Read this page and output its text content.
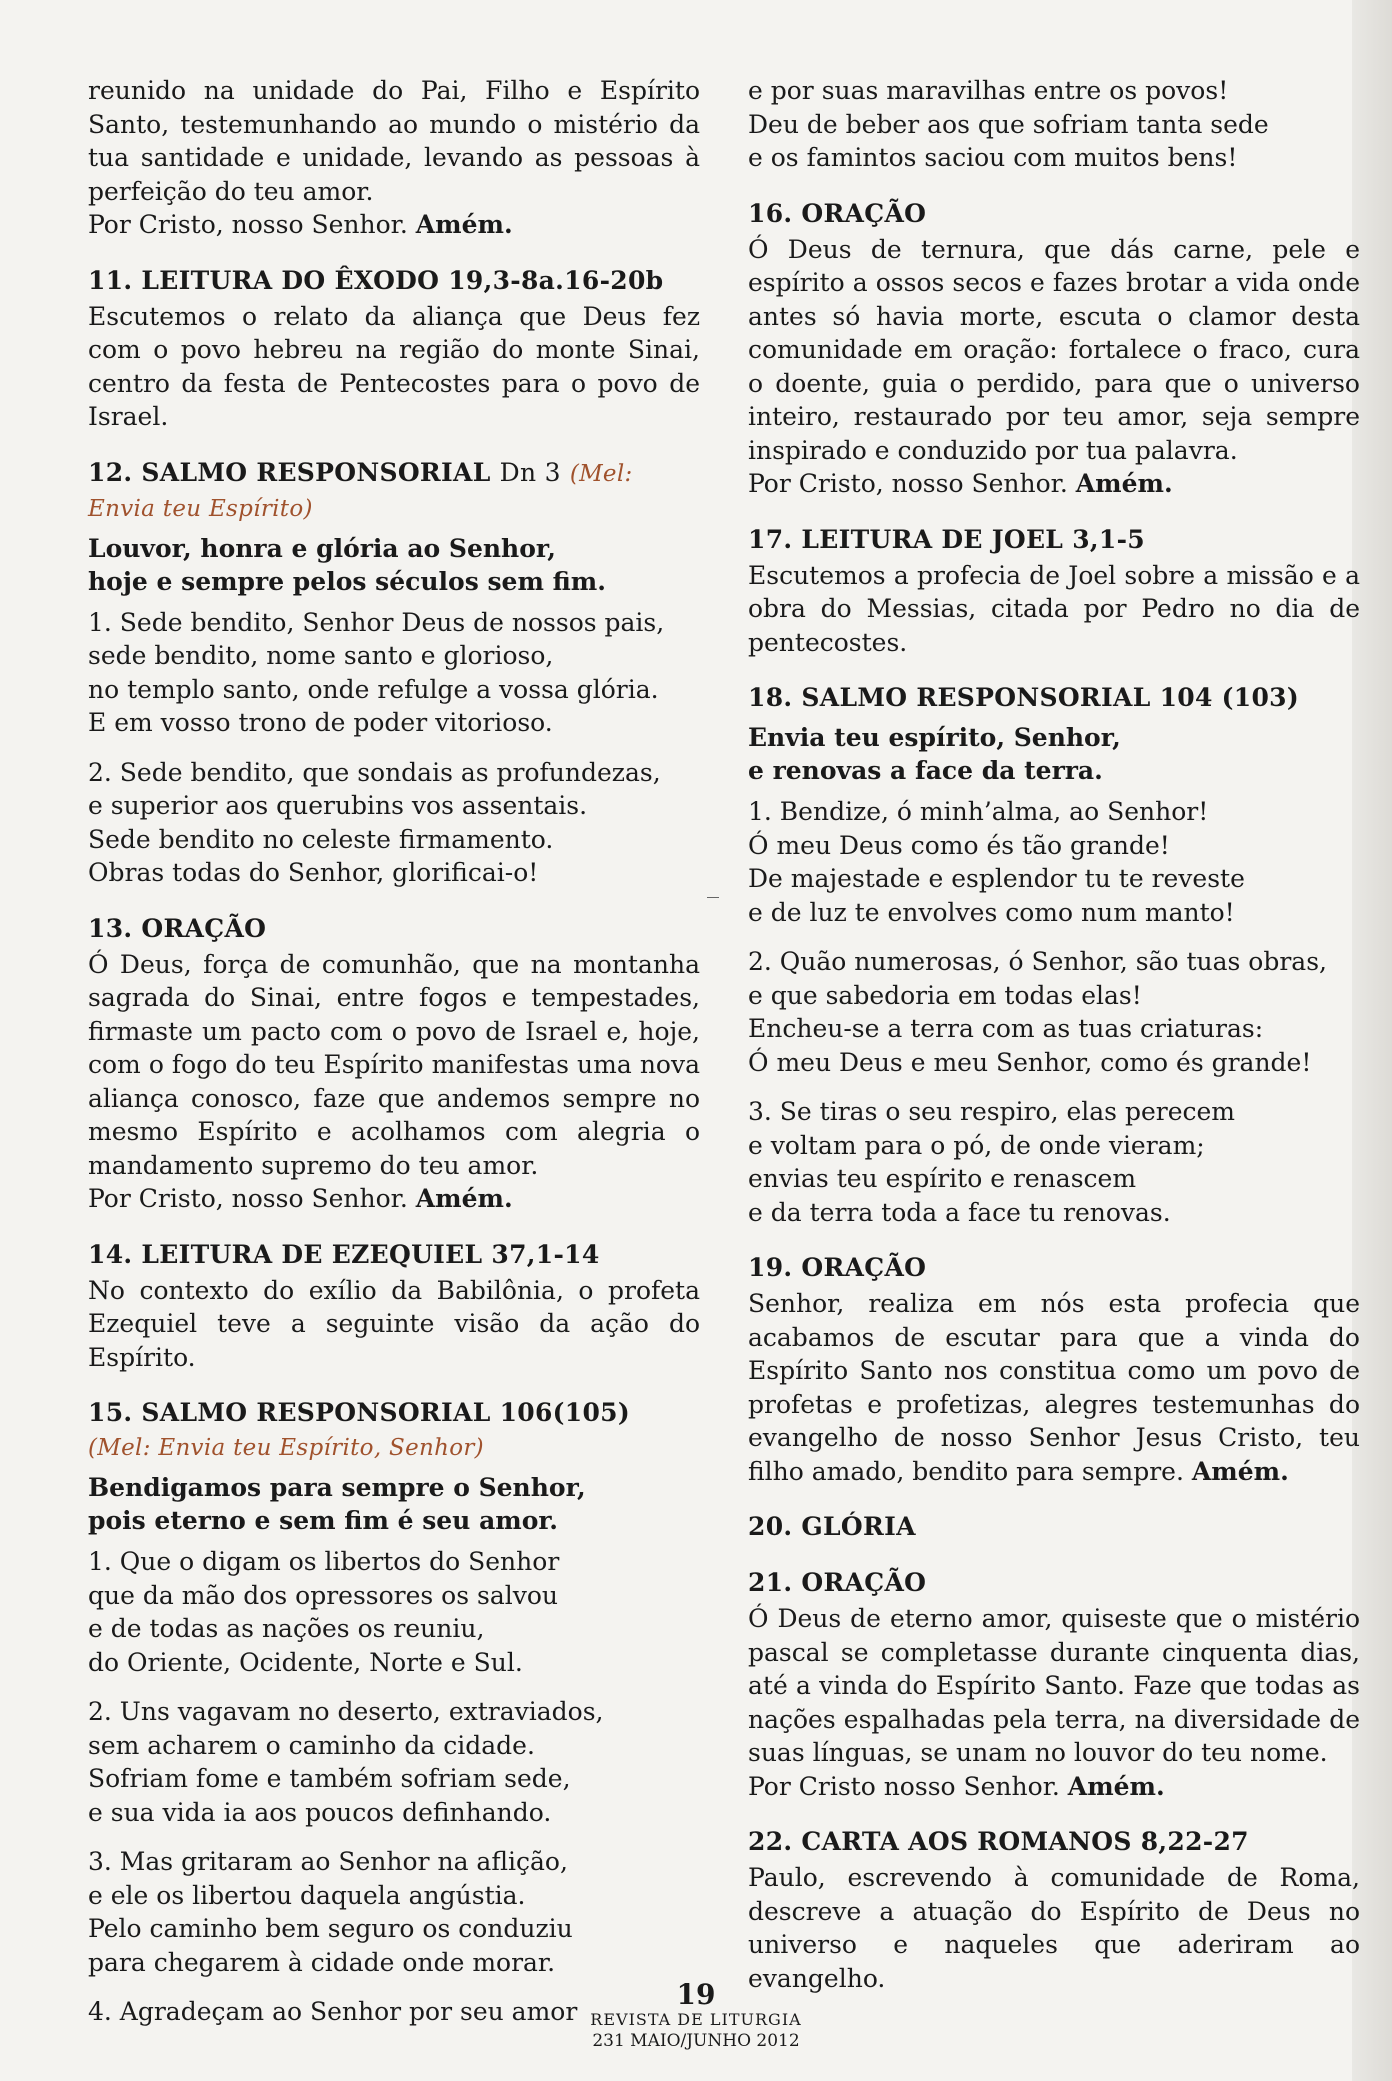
reunido na unidade do Pai, Filho e Espírito Santo, testemunhando ao mundo o mistério da tua santidade e unidade, levando as pessoas à perfeição do teu amor.

Por Cristo, nosso Senhor. Amém.

11. LEITURA DO ÊXODO 19,3-8a.16-20b

Escutemos o relato da aliança que Deus fez com o povo hebreu na região do monte Sinai, centro da festa de Pentecostes para o povo de Israel.

12. SALMO RESPONSORIAL Dn 3 (Mel: Envia teu Espírito)
Louvor, honra e glória ao Senhor,
hoje e sempre pelos séculos sem fim.

1. Sede bendito, Senhor Deus de nossos pais,
sede bendito, nome santo e glorioso,
no templo santo, onde refulge a vossa glória.
E em vosso trono de poder vitorioso.

2. Sede bendito, que sondais as profundezas,
e superior aos querubins vos assentais.
Sede bendito no celeste firmamento.
Obras todas do Senhor, glorificai-o!

13. ORAÇÃO

Ó Deus, força de comunhão, que na montanha sagrada do Sinai, entre fogos e tempestades, firmaste um pacto com o povo de Israel e, hoje, com o fogo do teu Espírito manifestas uma nova aliança conosco, faze que andemos sempre no mesmo Espírito e acolhamos com alegria o mandamento supremo do teu amor.

Por Cristo, nosso Senhor. Amém.

14. LEITURA DE EZEQUIEL 37,1-14

No contexto do exílio da Babilônia, o profeta Ezequiel teve a seguinte visão da ação do Espírito.

15. SALMO RESPONSORIAL 106(105) (Mel: Envia teu Espírito, Senhor)
Bendigamos para sempre o Senhor,
pois eterno e sem fim é seu amor.

1. Que o digam os libertos do Senhor
que da mão dos opressores os salvou
e de todas as nações os reuniu,
do Oriente, Ocidente, Norte e Sul.

2. Uns vagavam no deserto, extraviados,
sem acharem o caminho da cidade.
Sofriam fome e também sofriam sede,
e sua vida ia aos poucos definhando.

3. Mas gritaram ao Senhor na aflição,
e ele os libertou daquela angústia.
Pelo caminho bem seguro os conduziu
para chegarem à cidade onde morar.

4. Agradeçam ao Senhor por seu amor

e por suas maravilhas entre os povos!
Deu de beber aos que sofriam tanta sede
e os famintos saciou com muitos bens!

16. ORAÇÃO

Ó Deus de ternura, que dás carne, pele e espírito a ossos secos e fazes brotar a vida onde antes só havia morte, escuta o clamor desta comunidade em oração: fortalece o fraco, cura o doente, guia o perdido, para que o universo inteiro, restaurado por teu amor, seja sempre inspirado e conduzido por tua palavra.

Por Cristo, nosso Senhor. Amém.

17. LEITURA DE JOEL 3,1-5

Escutemos a profecia de Joel sobre a missão e a obra do Messias, citada por Pedro no dia de pentecostes.

18. SALMO RESPONSORIAL 104 (103)
Envia teu espírito, Senhor,
e renovas a face da terra.

1. Bendize, ó minh’alma, ao Senhor!
Ó meu Deus como és tão grande!
De majestade e esplendor tu te reveste
e de luz te envolves como num manto!

2. Quão numerosas, ó Senhor, são tuas obras,
e que sabedoria em todas elas!
Encheu-se a terra com as tuas criaturas:
Ó meu Deus e meu Senhor, como és grande!

3. Se tiras o seu respiro, elas perecem
e voltam para o pó, de onde vieram;
envias teu espírito e renascem
e da terra toda a face tu renovas.

19. ORAÇÃO

Senhor, realiza em nós esta profecia que acabamos de escutar para que a vinda do Espírito Santo nos constitua como um povo de profetas e profetizas, alegres testemunhas do evangelho de nosso Senhor Jesus Cristo, teu filho amado, bendito para sempre. Amém.

20. GLÓRIA
21. ORAÇÃO

Ó Deus de eterno amor, quiseste que o mistério pascal se completasse durante cinquenta dias, até a vinda do Espírito Santo. Faze que todas as nações espalhadas pela terra, na diversidade de suas línguas, se unam no louvor do teu nome.

Por Cristo nosso Senhor. Amém.

22. CARTA AOS ROMANOS 8,22-27

Paulo, escrevendo à comunidade de Roma, descreve a atuação do Espírito de Deus no universo e naqueles que aderiram ao evangelho.

19
REVISTA DE LITURGIA
231 MAIO/JUNHO 2012
